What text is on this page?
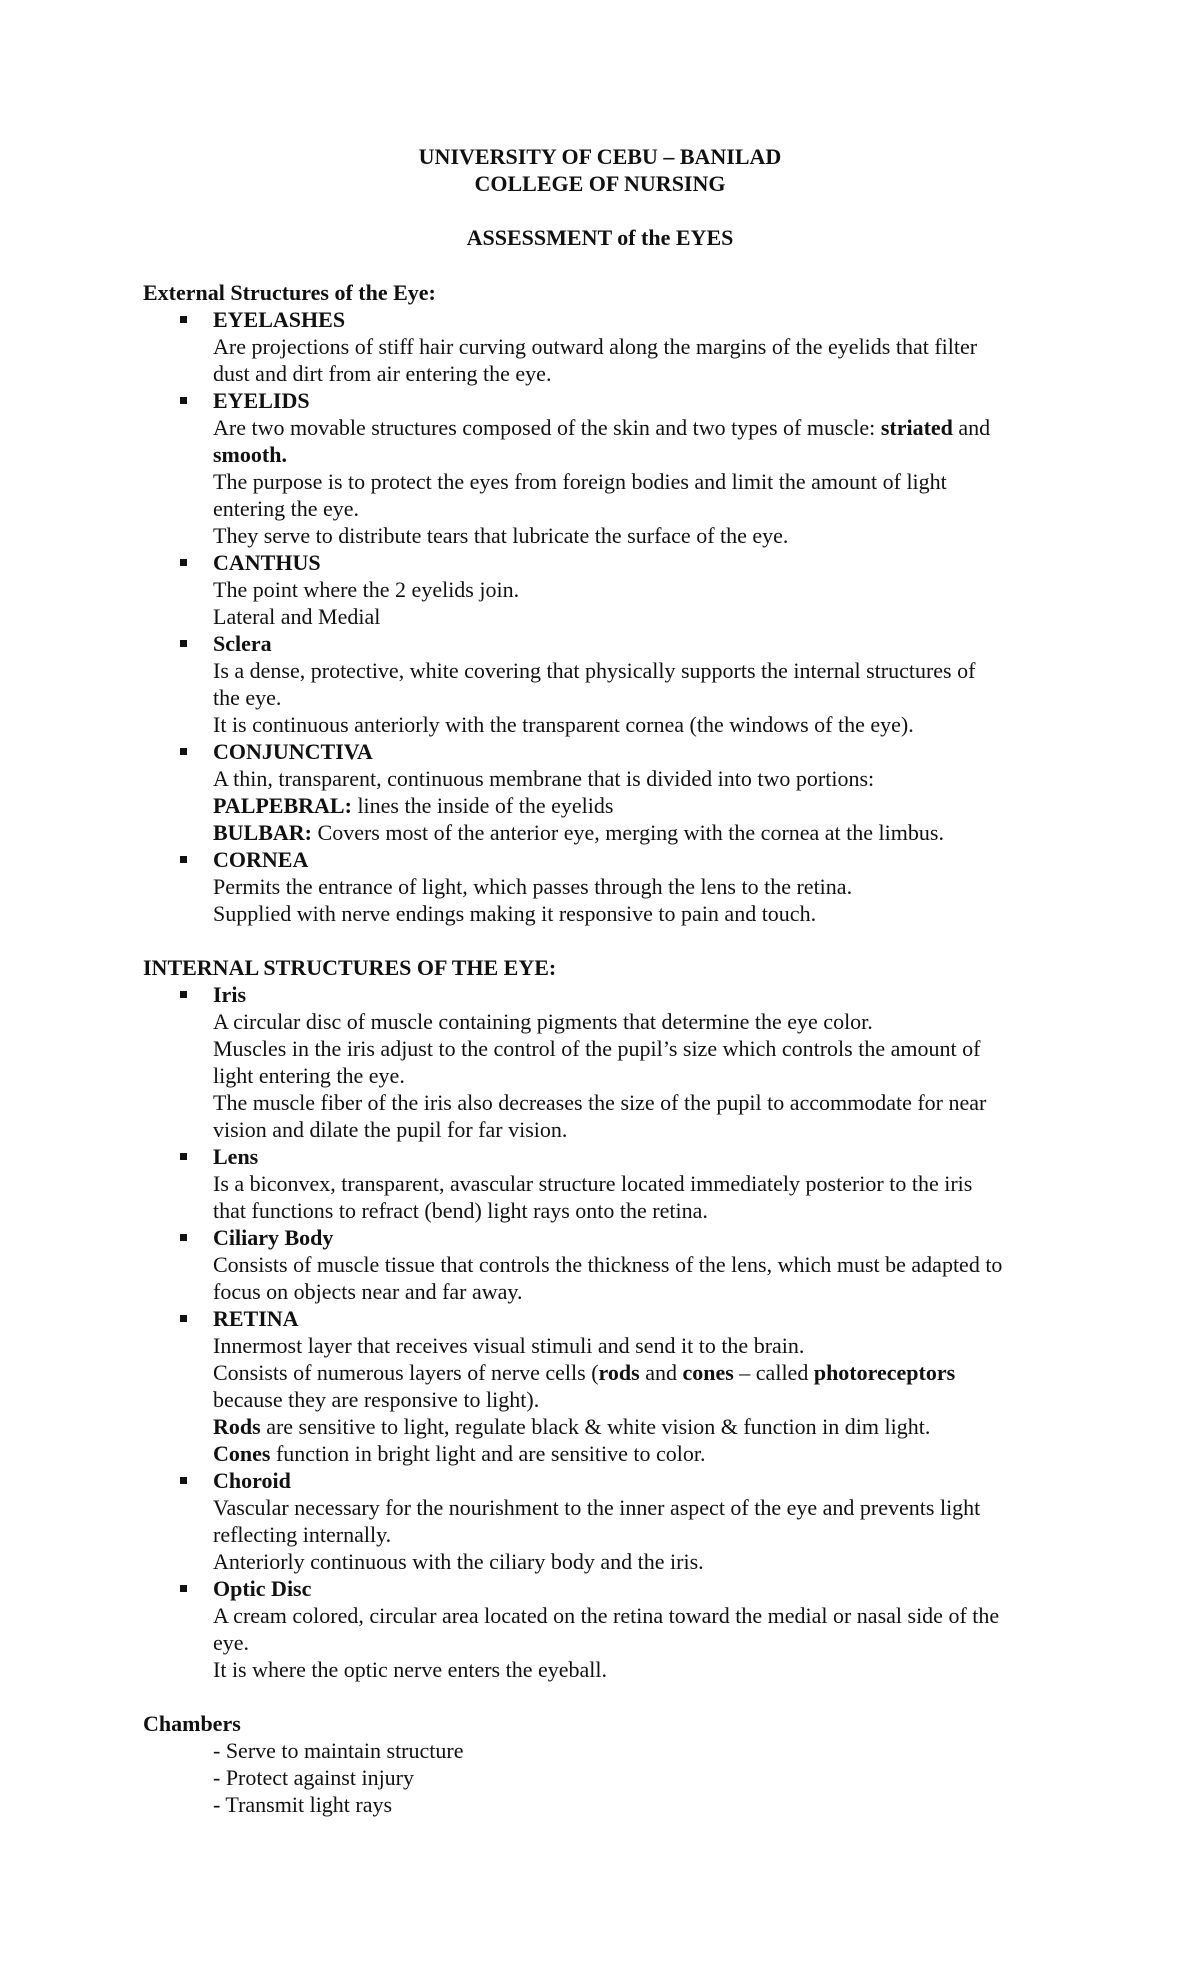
UNIVERSITY OF CEBU – BANILAD
COLLEGE OF NURSING
ASSESSMENT of the EYES
External Structures of the Eye:
EYELASHES
Are projections of stiff hair curving outward along the margins of the eyelids that filter
dust and dirt from air entering the eye.
EYELIDS
Are two movable structures composed of the skin and two types of muscle: striated and
smooth.
The purpose is to protect the eyes from foreign bodies and limit the amount of light
entering the eye.
They serve to distribute tears that lubricate the surface of the eye.
CANTHUS
The point where the 2 eyelids join.
Lateral and Medial
Sclera
Is a dense, protective, white covering that physically supports the internal structures of
the eye.
It is continuous anteriorly with the transparent cornea (the windows of the eye).
CONJUNCTIVA
A thin, transparent, continuous membrane that is divided into two portions:
PALPEBRAL: lines the inside of the eyelids
BULBAR: Covers most of the anterior eye, merging with the cornea at the limbus.
CORNEA
Permits the entrance of light, which passes through the lens to the retina.
Supplied with nerve endings making it responsive to pain and touch.
INTERNAL STRUCTURES OF THE EYE:
Iris
A circular disc of muscle containing pigments that determine the eye color.
Muscles in the iris adjust to the control of the pupil’s size which controls the amount of
light entering the eye.
The muscle fiber of the iris also decreases the size of the pupil to accommodate for near
vision and dilate the pupil for far vision.
Lens
Is a biconvex, transparent, avascular structure located immediately posterior to the iris
that functions to refract (bend) light rays onto the retina.
Ciliary Body
Consists of muscle tissue that controls the thickness of the lens, which must be adapted to
focus on objects near and far away.
RETINA
Innermost layer that receives visual stimuli and send it to the brain.
Consists of numerous layers of nerve cells (rods and cones – called photoreceptors
because they are responsive to light).
Rods are sensitive to light, regulate black & white vision & function in dim light.
Cones function in bright light and are sensitive to color.
Choroid
Vascular necessary for the nourishment to the inner aspect of the eye and prevents light
reflecting internally.
Anteriorly continuous with the ciliary body and the iris.
Optic Disc
A cream colored, circular area located on the retina toward the medial or nasal side of the
eye.
It is where the optic nerve enters the eyeball.
Chambers
- Serve to maintain structure
- Protect against injury
- Transmit light rays
